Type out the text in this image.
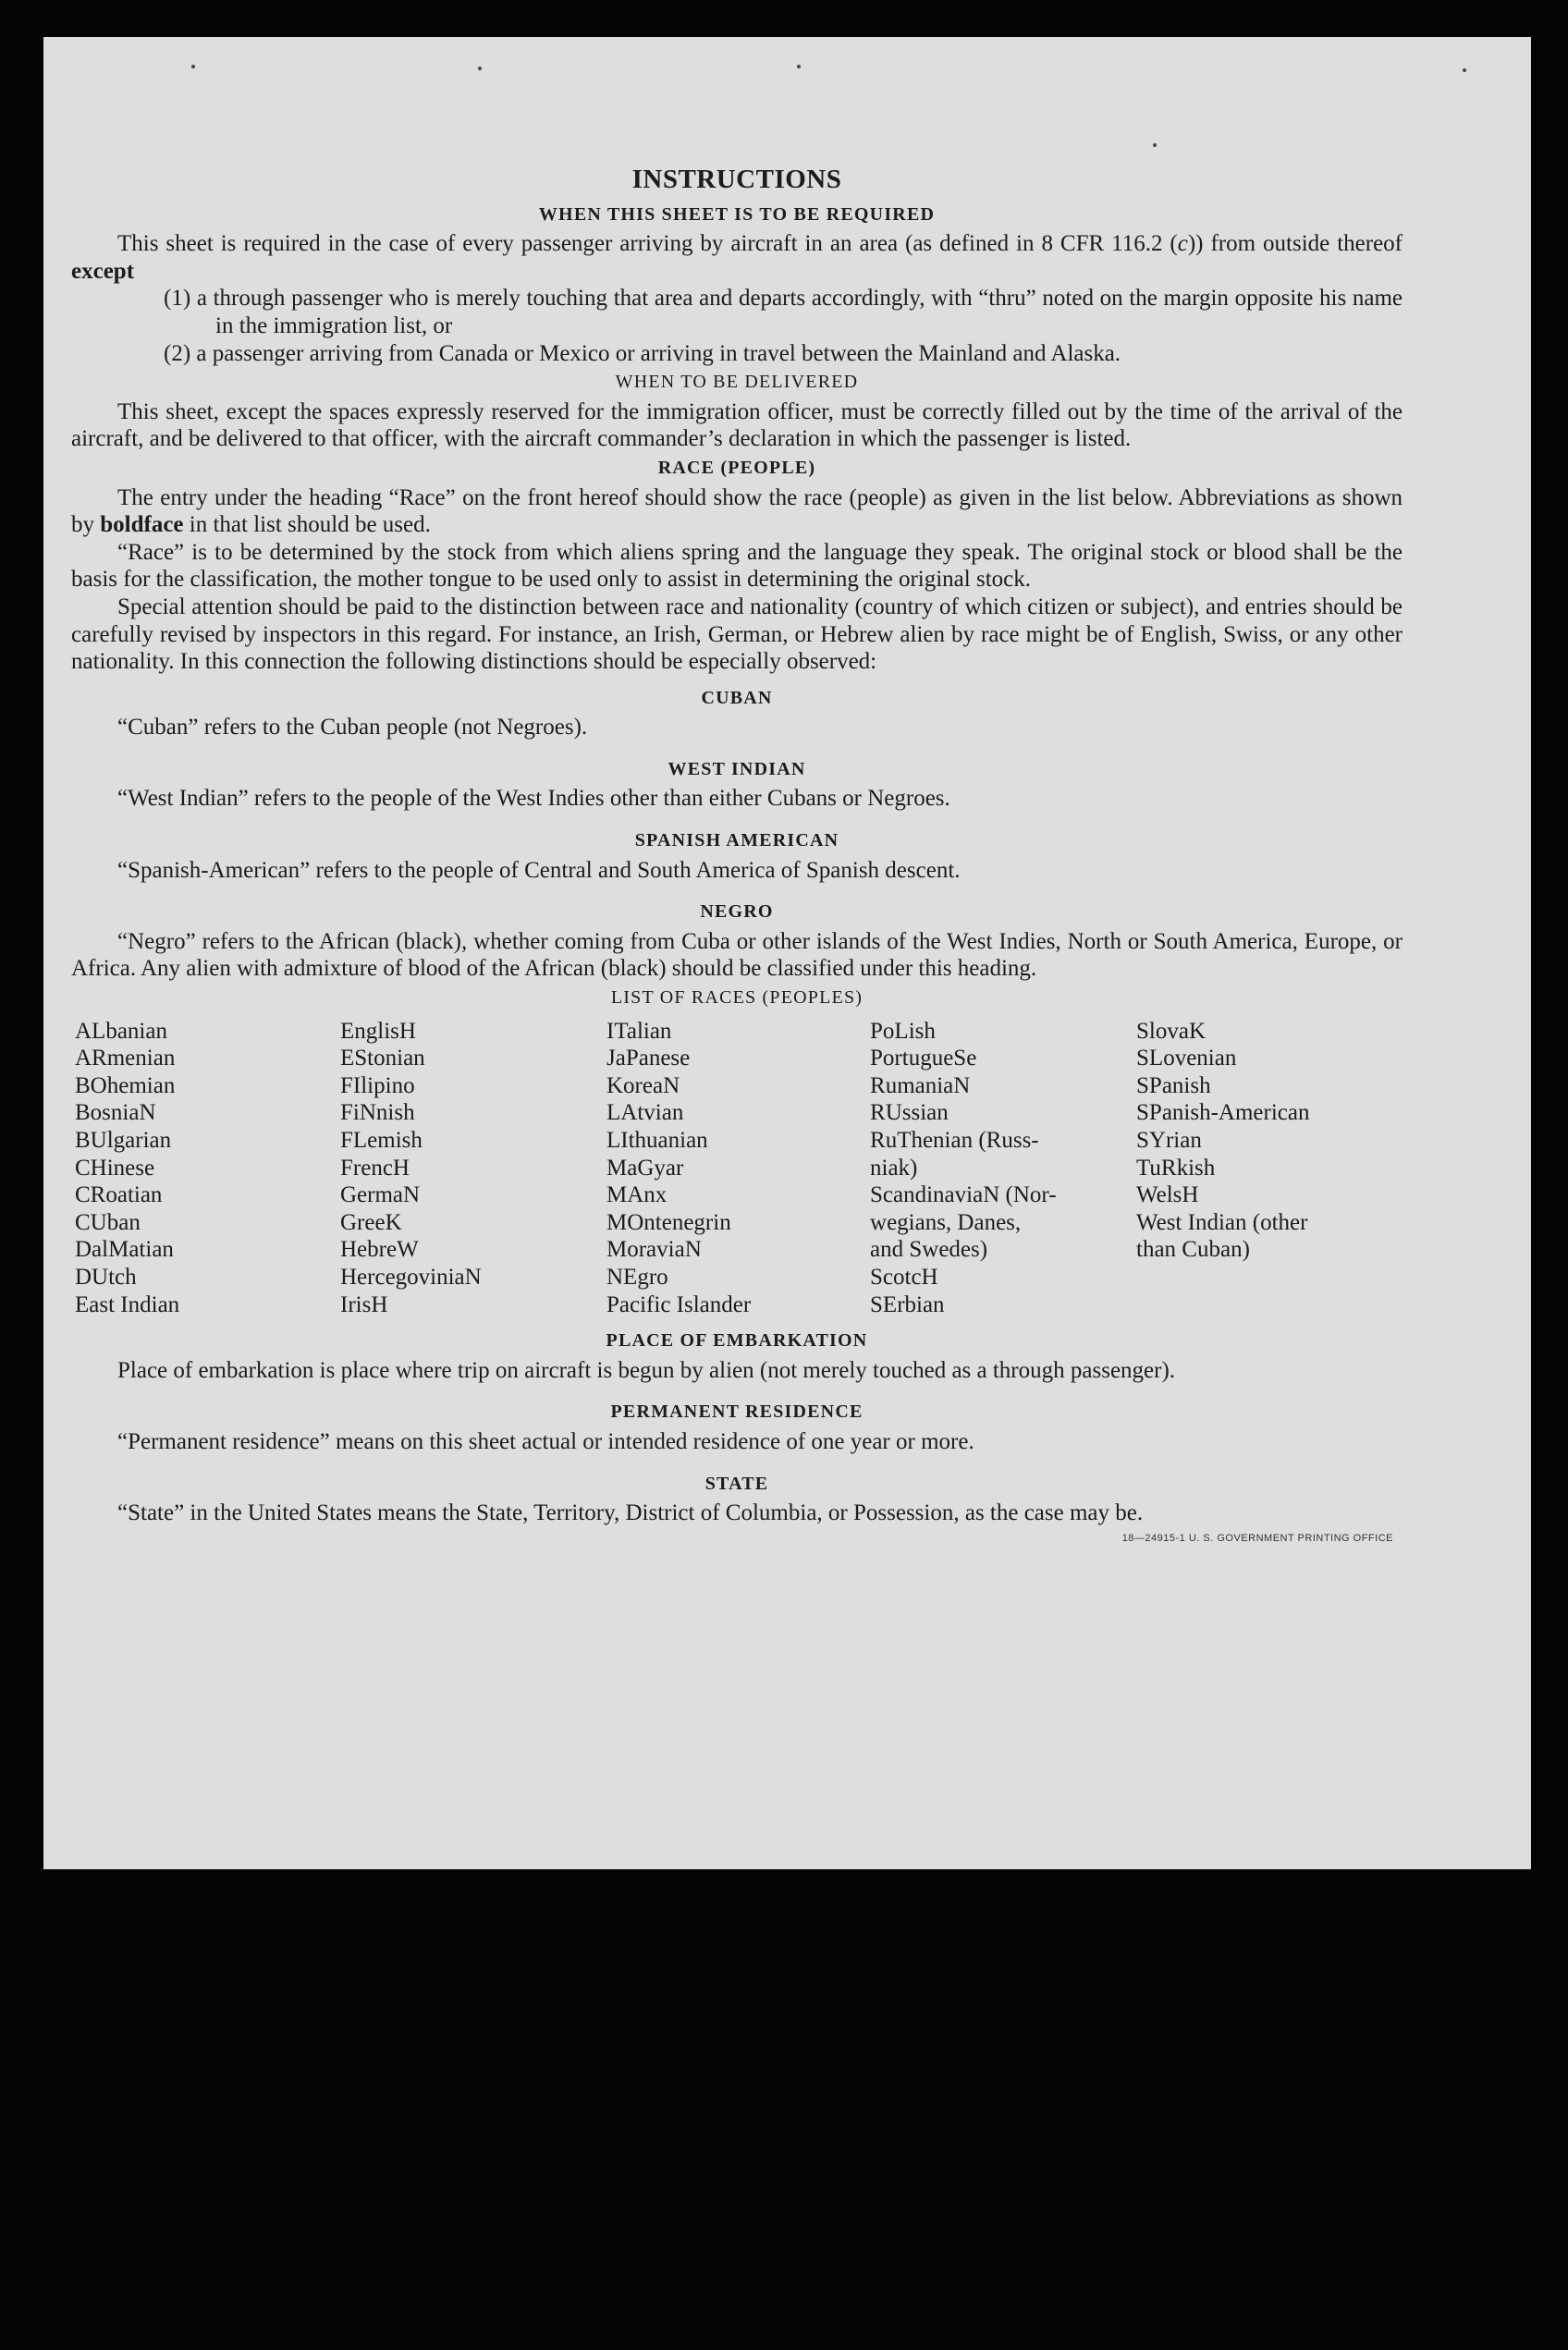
INSTRUCTIONS
WHEN THIS SHEET IS TO BE REQUIRED

This sheet is required in the case of every passenger arriving by aircraft in an area (as defined in 8 CFR 116.2 (c)) from outside thereof except

(1) a through passenger who is merely touching that area and departs accordingly, with “thru” noted on the margin opposite his name in the immigration list, or

(2) a passenger arriving from Canada or Mexico or arriving in travel between the Mainland and Alaska.

WHEN TO BE DELIVERED

This sheet, except the spaces expressly reserved for the immigration officer, must be correctly filled out by the time of the arrival of the aircraft, and be delivered to that officer, with the aircraft commander’s declaration in which the passenger is listed.

RACE (PEOPLE)

The entry under the heading “Race” on the front hereof should show the race (people) as given in the list below. Abbreviations as shown by boldface in that list should be used.

“Race” is to be determined by the stock from which aliens spring and the language they speak. The original stock or blood shall be the basis for the classification, the mother tongue to be used only to assist in determining the original stock.

Special attention should be paid to the distinction between race and nationality (country of which citizen or subject), and entries should be carefully revised by inspectors in this regard. For instance, an Irish, German, or Hebrew alien by race might be of English, Swiss, or any other nationality. In this connection the following distinctions should be especially observed:

CUBAN

“Cuban” refers to the Cuban people (not Negroes).

WEST INDIAN

“West Indian” refers to the people of the West Indies other than either Cubans or Negroes.

SPANISH AMERICAN

“Spanish-American” refers to the people of Central and South America of Spanish descent.

NEGRO

“Negro” refers to the African (black), whether coming from Cuba or other islands of the West Indies, North or South America, Europe, or Africa. Any alien with admixture of blood of the African (black) should be classified under this heading.

LIST OF RACES (PEOPLES)
ALbanian
ARmenian
BOhemian
BosniaN
BUlgarian
CHinese
CRoatian
CUban
DalMatian
DUtch
East Indian
EnglisH
EStonian
FIlipino
FiNnish
FLemish
FrencH
GermaN
GreeK
HebreW
HercegoviniaN
IrisH
ITalian
JaPanese
KoreaN
LAtvian
LIthuanian
MaGyar
MAnx
MOntenegrin
MoraviaN
NEgro
Pacific Islander
PoLish
PortugueSe
RumaniaN
RUssian
RuThenian (Russ-
niak)
ScandinaviaN (Nor-
wegians, Danes,
and Swedes)
ScotcH
SErbian
SlovaK
SLovenian
SPanish
SPanish-American
SYrian
TuRkish
WelsH
West Indian (other
than Cuban)
PLACE OF EMBARKATION

Place of embarkation is place where trip on aircraft is begun by alien (not merely touched as a through passenger).

PERMANENT RESIDENCE

“Permanent residence” means on this sheet actual or intended residence of one year or more.

STATE

“State” in the United States means the State, Territory, District of Columbia, or Possession, as the case may be.

18—24915-1 U. S. GOVERNMENT PRINTING OFFICE
